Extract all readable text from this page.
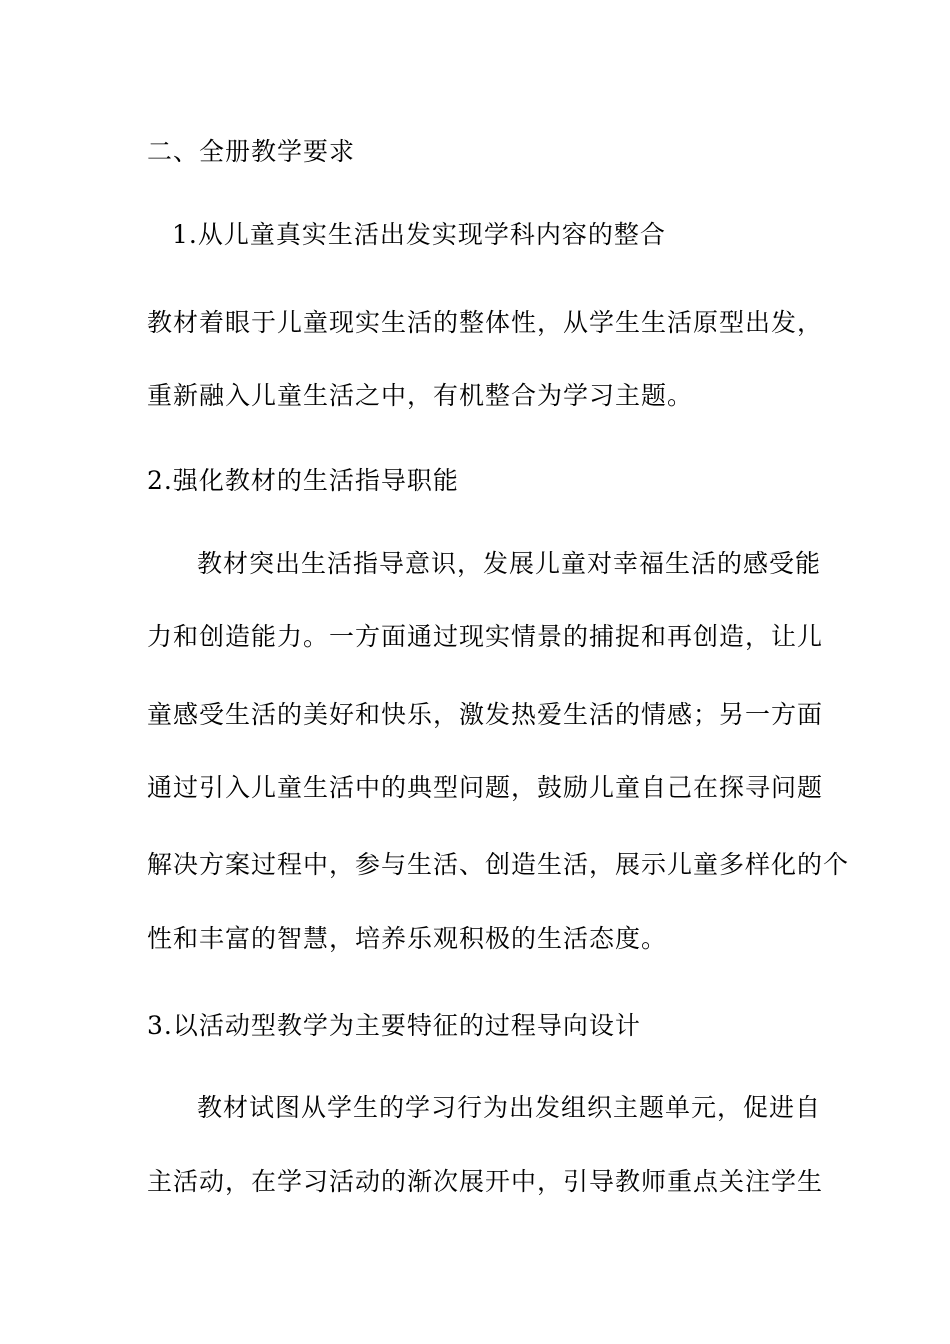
二、全册教学要求
1.从儿童真实生活出发实现学科内容的整合
教材着眼于儿童现实生活的整体性，从学生生活原型出发，
重新融入儿童生活之中，有机整合为学习主题。
2.强化教材的生活指导职能
教材突出生活指导意识，发展儿童对幸福生活的感受能
力和创造能力。一方面通过现实情景的捕捉和再创造，让儿
童感受生活的美好和快乐，激发热爱生活的情感；另一方面
通过引入儿童生活中的典型问题，鼓励儿童自己在探寻问题
解决方案过程中，参与生活、创造生活，展示儿童多样化的个
性和丰富的智慧，培养乐观积极的生活态度。
3.以活动型教学为主要特征的过程导向设计
教材试图从学生的学习行为出发组织主题单元，促进自
主活动，在学习活动的渐次展开中，引导教师重点关注学生
